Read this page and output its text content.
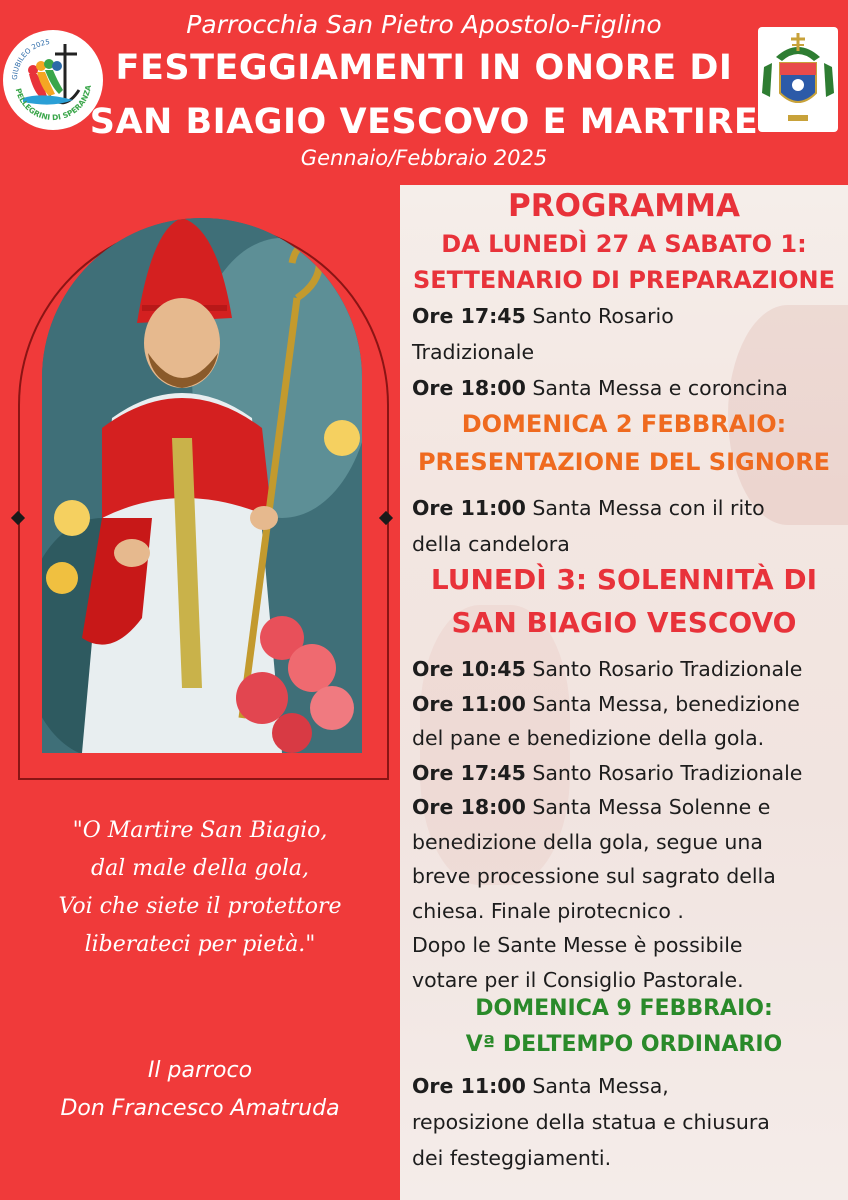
GIUBILEO 2025
PELLEGRINI DI SPERANZA
Parrocchia San Pietro Apostolo-Figlino
FESTEGGIAMENTI IN ONORE DI
SAN BIAGIO VESCOVO E MARTIRE
Gennaio/Febbraio 2025
"O Martire San Biagio,
dal male della gola,
Voi che siete il protettore
liberateci per pietà."
Il parroco
Don Francesco Amatruda
PROGRAMMA
DA LUNEDÌ 27 A SABATO 1:
SETTENARIO DI PREPARAZIONE
Ore 17:45 Santo Rosario
Tradizionale
Ore 18:00 Santa Messa e coroncina
DOMENICA 2 FEBBRAIO:
PRESENTAZIONE DEL SIGNORE
Ore 11:00 Santa Messa con il rito
della candelora
LUNEDÌ 3: SOLENNITÀ DI
SAN BIAGIO VESCOVO
Ore 10:45 Santo Rosario Tradizionale
Ore 11:00 Santa Messa, benedizione
del pane e benedizione della gola.
Ore 17:45 Santo Rosario Tradizionale
Ore 18:00 Santa Messa Solenne e
benedizione della gola, segue una
breve processione sul sagrato della
chiesa. Finale pirotecnico .
Dopo le Sante Messe è possibile
votare per il Consiglio Pastorale.
DOMENICA 9 FEBBRAIO:
Vª DELTEMPO ORDINARIO
Ore 11:00 Santa Messa,
reposizione della statua e chiusura
dei festeggiamenti.
